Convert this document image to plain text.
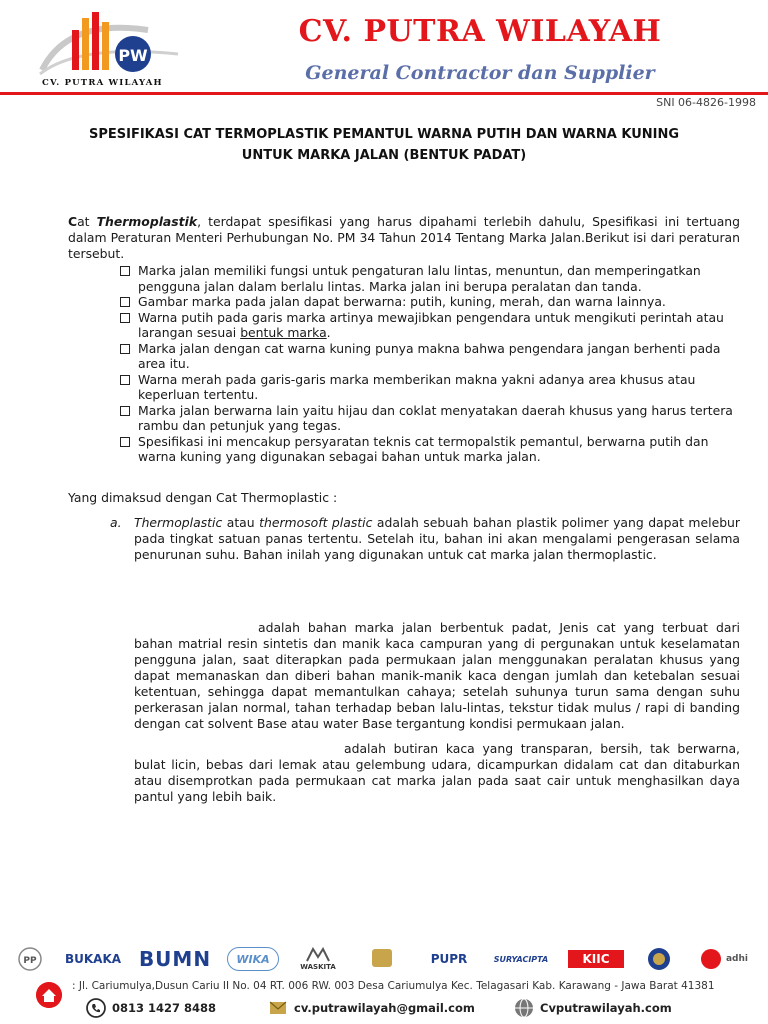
PW
CV. PUTRA WILAYAH
CV. PUTRA WILAYAH
General Contractor dan Supplier
SNI 06-4826-1998
SPESIFIKASI CAT TERMOPLASTIK PEMANTUL WARNA PUTIH DAN WARNA KUNING
UNTUK MARKA JALAN (BENTUK PADAT)
Cat Thermoplastik, terdapat spesifikasi yang harus dipahami terlebih dahulu, Spesifikasi ini tertuang dalam Peraturan Menteri Perhubungan No. PM 34 Tahun 2014 Tentang Marka Jalan.Berikut isi dari peraturan tersebut.
Marka jalan memiliki fungsi untuk pengaturan lalu lintas, menuntun, dan memperingatkan pengguna jalan dalam berlalu lintas. Marka jalan ini berupa peralatan dan tanda.
Gambar marka pada jalan dapat berwarna: putih, kuning, merah, dan warna lainnya.
Warna putih pada garis marka artinya mewajibkan pengendara untuk mengikuti perintah atau larangan sesuai bentuk marka.
Marka jalan dengan cat warna kuning punya makna bahwa pengendara jangan berhenti pada area itu.
Warna merah pada garis-garis marka memberikan makna yakni adanya area khusus atau keperluan tertentu.
Marka jalan berwarna lain yaitu hijau dan coklat menyatakan daerah khusus yang harus tertera rambu dan petunjuk yang tegas.
Spesifikasi ini mencakup persyaratan teknis cat termopalstik pemantul, berwarna putih dan warna kuning yang digunakan sebagai bahan untuk marka jalan.
Yang dimaksud dengan Cat Thermoplastic :
a. Thermoplastic atau thermosoft plastic adalah sebuah bahan plastik polimer yang dapat melebur pada tingkat satuan panas tertentu. Setelah itu, bahan ini akan mengalami pengerasan selama penurunan suhu. Bahan inilah yang digunakan untuk cat marka jalan thermoplastic.
adalah bahan marka jalan berbentuk padat, Jenis cat yang terbuat dari bahan matrial resin sintetis dan manik kaca campuran yang di pergunakan untuk keselamatan pengguna jalan, saat diterapkan pada permukaan jalan menggunakan peralatan khusus yang dapat memanaskan dan diberi bahan manik-manik kaca dengan jumlah dan ketebalan sesuai ketentuan, sehingga dapat memantulkan cahaya; setelah suhunya turun sama dengan suhu perkerasan jalan normal, tahan terhadap beban lalu-lintas, tekstur tidak mulus / rapi di banding dengan cat solvent Base atau water Base tergantung kondisi permukaan jalan.
adalah butiran kaca yang transparan, bersih, tak berwarna, bulat licin, bebas dari lemak atau gelembung udara, dicampurkan didalam cat dan ditaburkan atau disemprotkan pada permukaan cat marka jalan pada saat cair untuk menghasilkan daya pantul yang lebih baik.
PP BUKAKA BUMN	WIKA
WASKITA
PUPR	SURYACIPTA	KIIC	adhi
: Jl. Cariumulya,Dusun Cariu II No. 04 RT. 006 RW. 003 Desa Cariumulya Kec. Telagasari Kab. Karawang - Jawa Barat 41381
0813 1427 8488	cv.putrawilayah@gmail.com	Cvputrawilayah.com
